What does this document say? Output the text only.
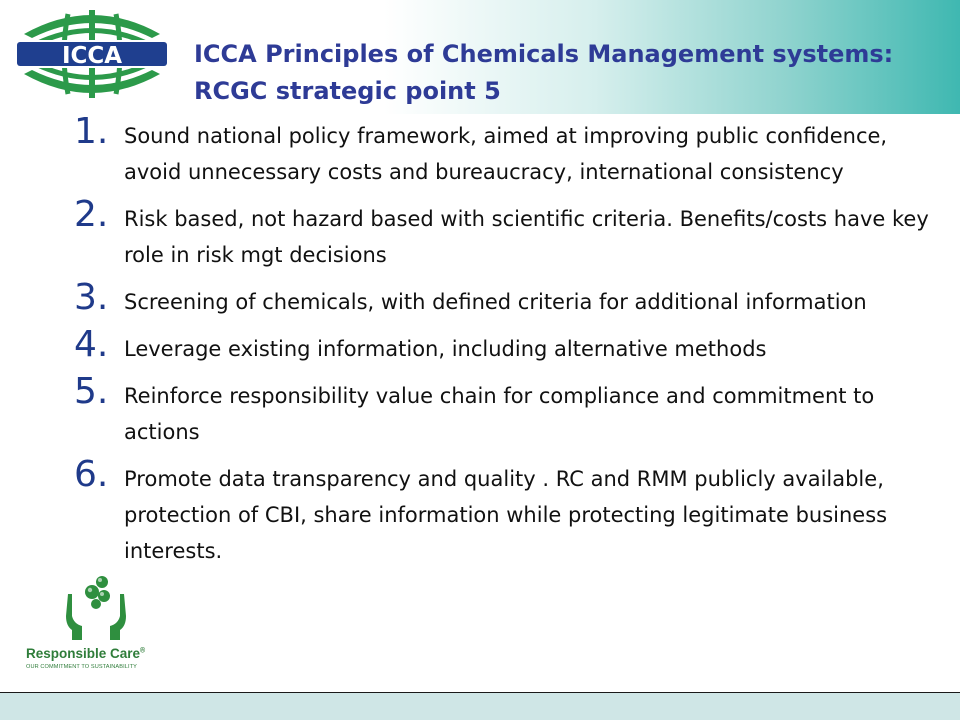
ICCA	ICCA Principles of Chemicals Management systems:
RCGC strategic point 5
1. Sound national policy framework, aimed at improving public confidence, avoid unnecessary costs and bureaucracy, international consistency
2. Risk based, not hazard based with scientific criteria. Benefits/costs have key role in risk mgt decisions
3. Screening of chemicals, with defined criteria for additional information
4. Leverage existing information, including alternative methods
5. Reinforce responsibility value chain for compliance and commitment to actions
6. Promote data transparency and quality . RC and RMM publicly available, protection of CBI, share information while protecting legitimate business interests.
Responsible Care®
OUR COMMITMENT TO SUSTAINABILITY
